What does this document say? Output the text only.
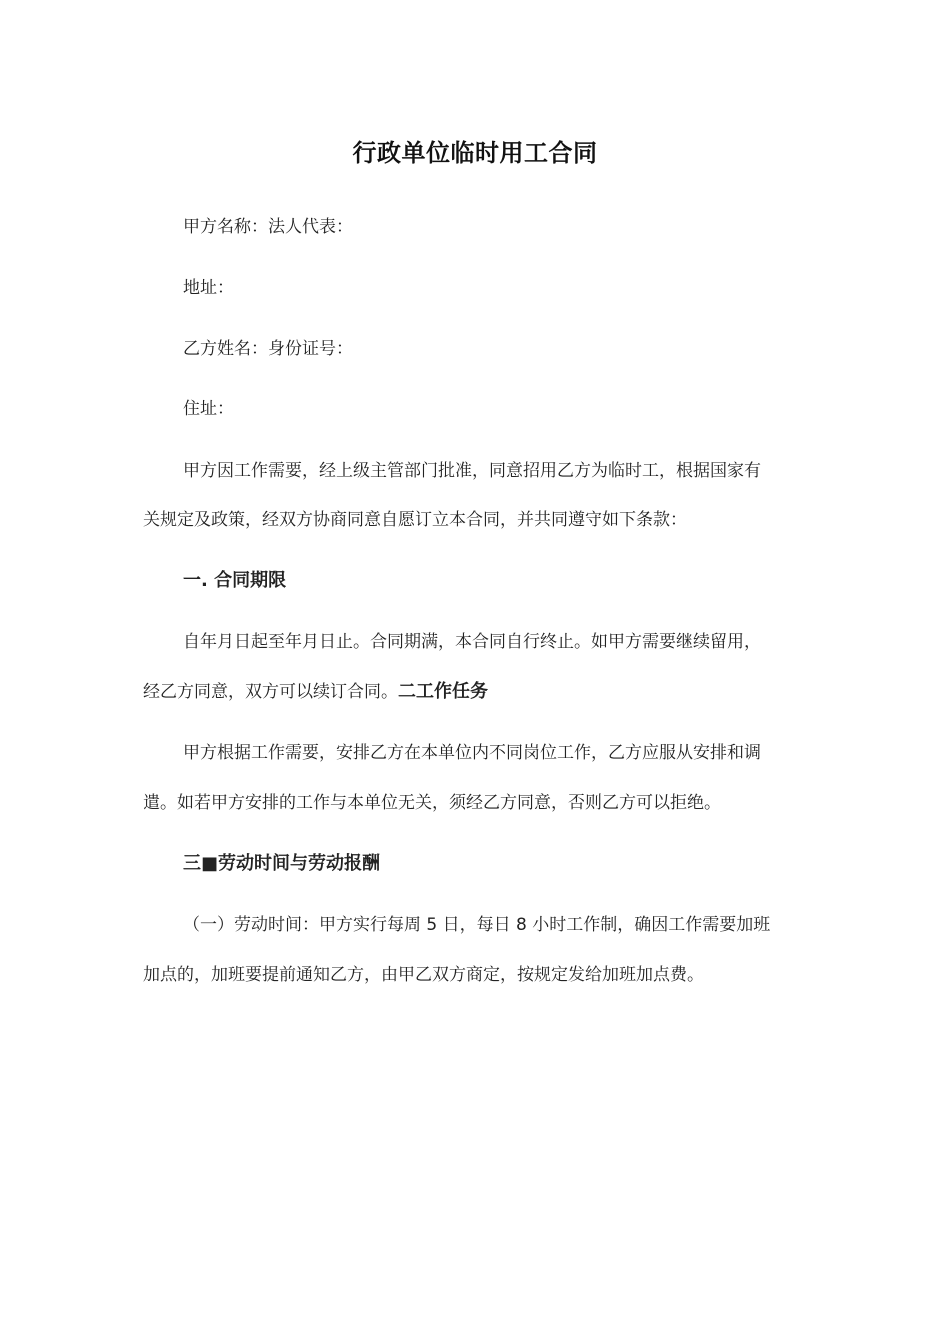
行政单位临时用工合同
甲方名称：法人代表：
地址：
乙方姓名：身份证号：
住址：
甲方因工作需要，经上级主管部门批准，同意招用乙方为临时工，根据国家有
关规定及政策，经双方协商同意自愿订立本合同，并共同遵守如下条款：
一. 合同期限
自年月日起至年月日止。合同期满，本合同自行终止。如甲方需要继续留用，
经乙方同意，双方可以续订合同。二工作任务
甲方根据工作需要，安排乙方在本单位内不同岗位工作，乙方应服从安排和调
遣。如若甲方安排的工作与本单位无关，须经乙方同意，否则乙方可以拒绝。
三■劳动时间与劳动报酬
（一）劳动时间：甲方实行每周 5 日，每日 8 小时工作制，确因工作需要加班
加点的，加班要提前通知乙方，由甲乙双方商定，按规定发给加班加点费。
